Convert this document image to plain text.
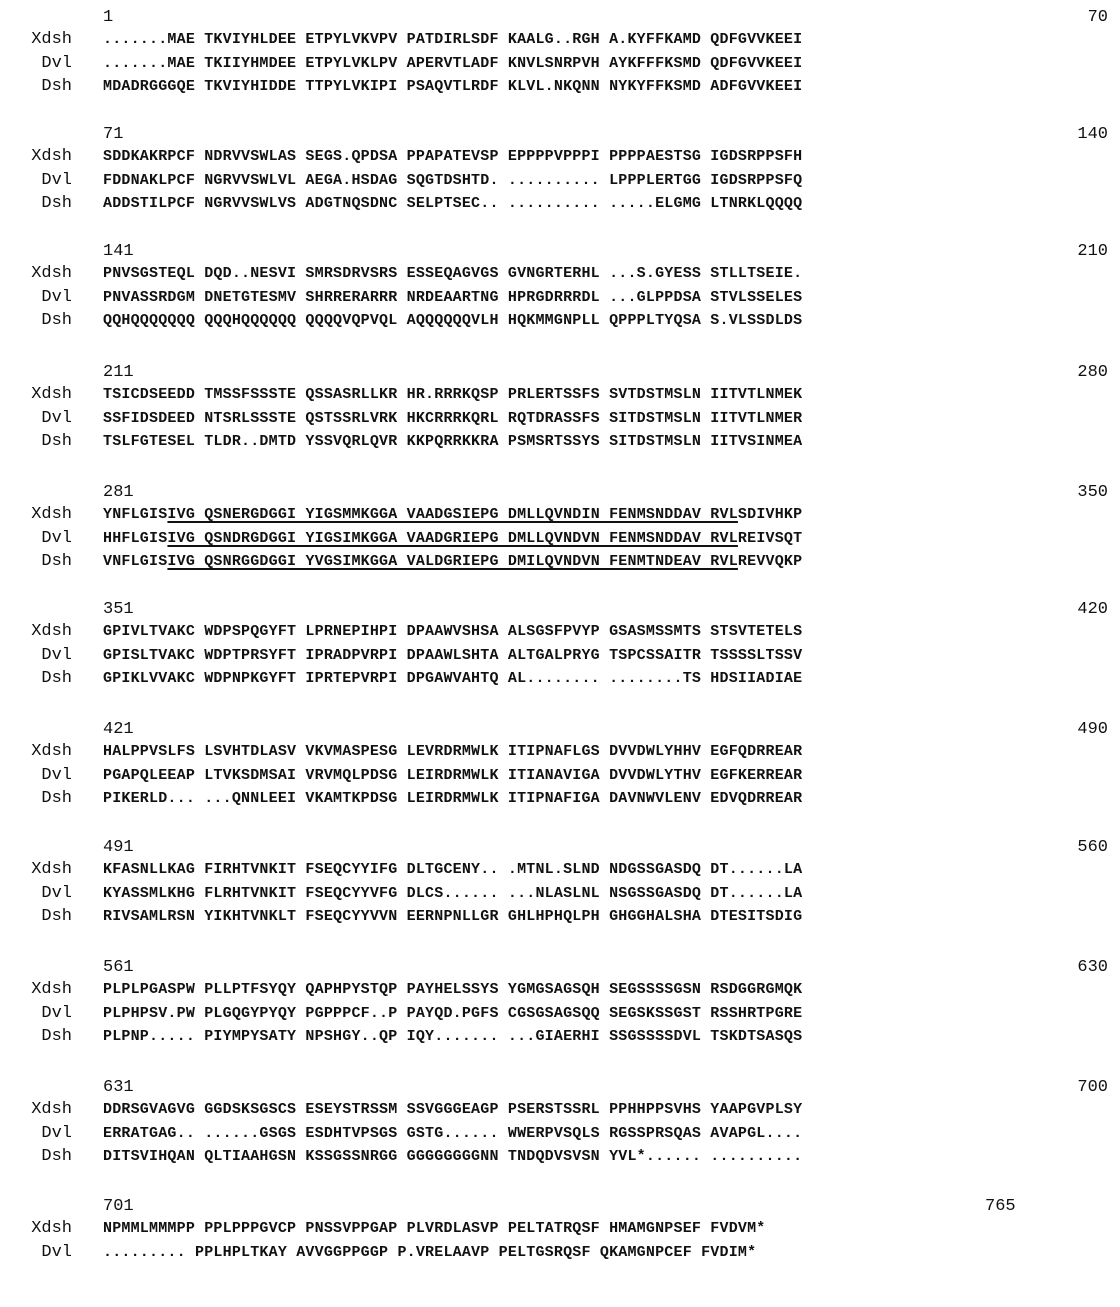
1	70
Xdsh .......MAE TKVIYHLDEE ETPYLVKVPV PATDIRLSDF KAALG..RGH A.KYFFKAMD QDFGVVKEEI
Dvl .......MAE TKIIYHMDEE ETPYLVKLPV APERVTLADF KNVLSNRPVH AYKFFFKSMD QDFGVVKEEI
Dsh MDADRGGGQE TKVIYHIDDE TTPYLVKIPI PSAQVTLRDF KLVL.NKQNN NYKYFFKSMD ADFGVVKEEI
71	140
Xdsh SDDKAKRPCF NDRVVSWLAS SEGS.QPDSA PPAPATEVSP EPPPPVPPPI PPPPAESTSG IGDSRPPSFH
Dvl FDDNAKLPCF NGRVVSWLVL AEGA.HSDAG SQGTDSHTD. .......... LPPPLERTGG IGDSRPPSFQ
Dsh ADDSTILPCF NGRVVSWLVS ADGTNQSDNC SELPTSEC.. .......... .....ELGMG LTNRKLQQQQ
141	210
Xdsh PNVSGSTEQL DQD..NESVI SMRSDRVSRS ESSEQAGVGS GVNGRTERHL ...S.GYESS STLLTSEIE.
Dvl PNVASSRDGM DNETGTESMV SHRRERARRR NRDEAARTNG HPRGDRRRDL ...GLPPDSA STVLSSELES
Dsh QQHQQQQQQQ QQQHQQQQQQ QQQQVQPVQL AQQQQQQVLH HQKMMGNPLL QPPPLTYQSA S.VLSSDLDS
211	280
Xdsh TSICDSEEDD TMSSFSSSTE QSSASRLLKR HR.RRRKQSP PRLERTSSFS SVTDSTMSLN IITVTLNMEK
Dvl SSFIDSDEED NTSRLSSSTE QSTSSRLVRK HKCRRRKQRL RQTDRASSFS SITDSTMSLN IITVTLNMER
Dsh TSLFGTESEL TLDR..DMTD YSSVQRLQVR KKPQRRKKRA PSMSRTSSYS SITDSTMSLN IITVSINMEA
281	350
Xdsh YNFLGISIVG QSNERGDGGI YIGSMMKGGA VAADGSIEPG DMLLQVNDIN FENMSNDDAV RVLSDIVHKP
Dvl HHFLGISIVG QSNDRGDGGI YIGSIMKGGA VAADGRIEPG DMLLQVNDVN FENMSNDDAV RVLREIVSQT
Dsh VNFLGISIVG QSNRGGDGGI YVGSIMKGGA VALDGRIEPG DMILQVNDVN FENMTNDEAV RVLREVVQKP
351	420
Xdsh GPIVLTVAKC WDPSPQGYFT LPRNEPIHPI DPAAWVSHSA ALSGSFPVYP GSASMSSMTS STSVTETELS
Dvl GPISLTVAKC WDPTPRSYFT IPRADPVRPI DPAAWLSHTA ALTGALPRYG TSPCSSAITR TSSSSLTSSV
Dsh GPIKLVVAKC WDPNPKGYFT IPRTEPVRPI DPGAWVAHTQ AL........ ........TS HDSIIADIAE
421	490
Xdsh HALPPVSLFS LSVHTDLASV VKVMASPESG LEVRDRMWLK ITIPNAFLGS DVVDWLYHHV EGFQDRREAR
Dvl PGAPQLEEAP LTVKSDMSAI VRVMQLPDSG LEIRDRMWLK ITIANAVIGA DVVDWLYTHV EGFKERREAR
Dsh PIKERLD... ...QNNLEEI VKAMTKPDSG LEIRDRMWLK ITIPNAFIGA DAVNWVLENV EDVQDRREAR
491	560
Xdsh KFASNLLKAG FIRHTVNKIT FSEQCYYIFG DLTGCENY.. .MTNL.SLND NDGSSGASDQ DT......LA
Dvl KYASSMLKHG FLRHTVNKIT FSEQCYYVFG DLCS...... ...NLASLNL NSGSSGASDQ DT......LA
Dsh RIVSAMLRSN YIKHTVNKLT FSEQCYYVVN EERNPNLLGR GHLHPHQLPH GHGGHALSHA DTESITSDIG
561	630
Xdsh PLPLPGASPW PLLPTFSYQY QAPHPYSTQP PAYHELSSYS YGMGSAGSQH SEGSSSSGSN RSDGGRGMQK
Dvl PLPHPSV.PW PLGQGYPYQY PGPPPCF..P PAYQD.PGFS CGSGSAGSQQ SEGSKSSGST RSSHRTPGRE
Dsh PLPNP..... PIYMPYSATY NPSHGY..QP IQY....... ...GIAERHI SSGSSSSDVL TSKDTSASQS
631	700
Xdsh DDRSGVAGVG GGDSKSGSCS ESEYSTRSSM SSVGGGEAGP PSERSTSSRL PPHHPPSVHS YAAPGVPLSY
Dvl ERRATGAG.. ......GSGS ESDHTVPSGS GSTG...... WWERPVSQLS RGSSPRSQAS AVAPGL....
Dsh DITSVIHQAN QLTIAAHGSN KSSGSSNRGG GGGGGGGGNN TNDQDVSVSN YVL*...... ..........
701	765
Xdsh NPMMLMMMPP PPLPPPGVCP PNSSVPPGAP PLVRDLASVP PELTATRQSF HMAMGNPSEF FVDVM*
Dvl ......... PPLHPLTKAY AVVGGPPGGP P.VRELAAVP PELTGSRQSF QKAMGNPCEF FVDIM*
